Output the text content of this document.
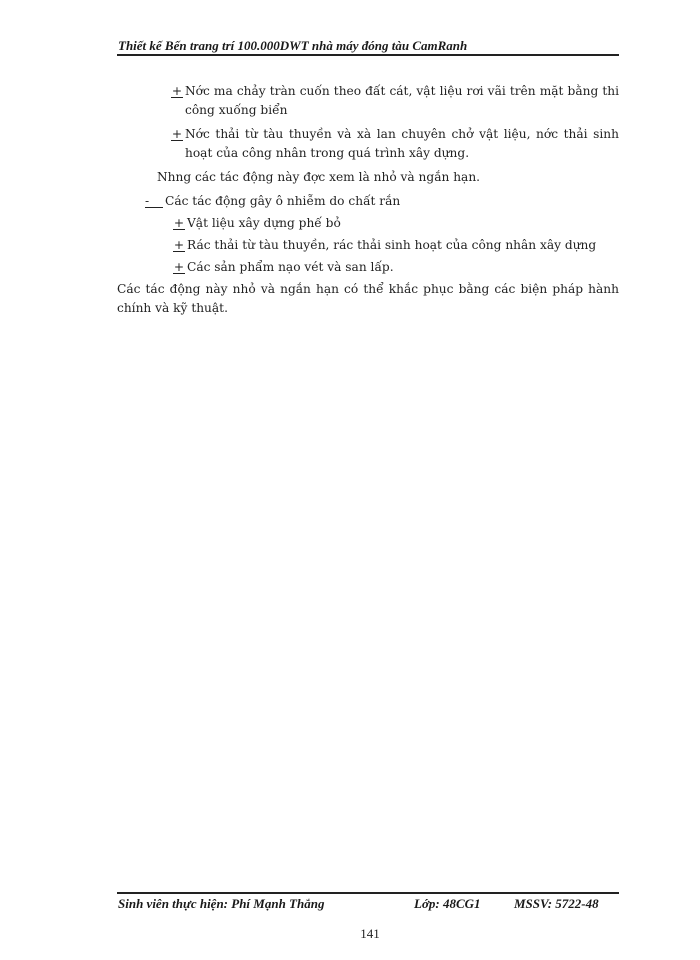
Thiết kế Bến trang trí 100.000DWT nhà máy đóng tàu CamRanh
+ Nớc ma chảy tràn cuốn theo đất cát, vật liệu rơi vãi trên mặt bằng thi công xuống biển
+ Nớc thải từ tàu thuyền và xà lan chuyên chở vật liệu, nớc thải sinh hoạt của công nhân trong quá trình xây dựng.
Nhng các tác động này đợc xem là nhỏ và ngắn hạn.
- Các tác động gây ô nhiễm do chất rắn
+ Vật liệu xây dựng phế bỏ
+ Rác thải từ tàu thuyền, rác thải sinh hoạt của công nhân xây dựng
+ Các sản phẩm nạo vét và san lấp.
Các tác động này nhỏ và ngắn hạn có thể khắc phục bằng các biện pháp hành chính và kỹ thuật.
Sinh viên thực hiện: Phí Mạnh Thắng	Lớp: 48CG1	MSSV: 5722-48
141
